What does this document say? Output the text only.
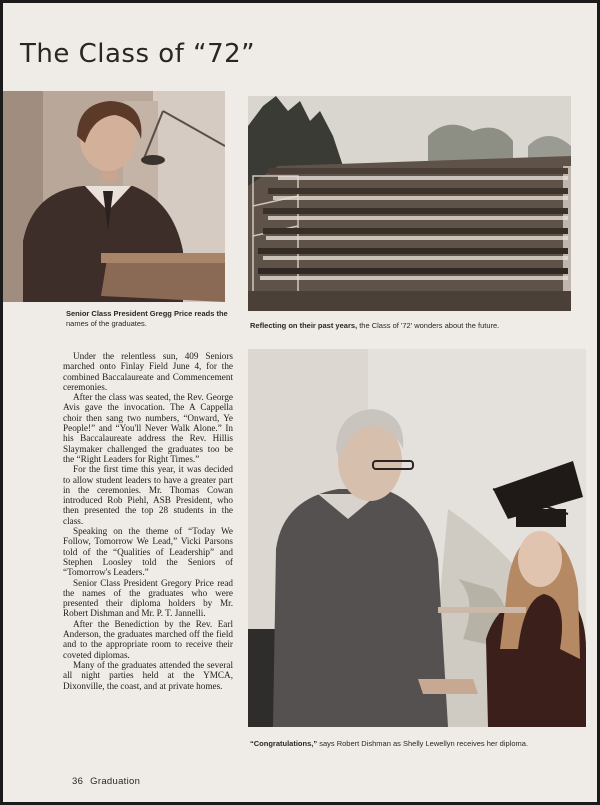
The Class of “72”

Senior Class President Gregg Price reads the names of the graduates.	Reflecting on their past years, the Class of '72' wonders about the future.

Under the relentless sun, 409 Seniors marched onto Finlay Field June 4, for the combined Baccalaureate and Commencement ceremonies.

After the class was seated, the Rev. George Avis gave the invocation. The A Cappella choir then sang two numbers, “Onward, Ye People!” and “You'll Never Walk Alone.” In his Baccalaureate address the Rev. Hillis Slaymaker challenged the graduates too be the “Right Leaders for Right Times.”

For the first time this year, it was decided to allow student leaders to have a greater part in the ceremonies. Mr. Thomas Cowan introduced Rob Piehl, ASB President, who then presented the top 28 students in the class.

Speaking on the theme of “Today We Follow, Tomorrow We Lead,” Vicki Parsons told of the “Qualities of Leadership” and Stephen Loosley told the Seniors of “Tomorrow's Leaders.”

Senior Class President Gregory Price read the names of the graduates who were presented their diploma holders by Mr. Robert Dishman and Mr. P. T. Jannelli.

After the Benediction by the Rev. Earl Anderson, the graduates marched off the field and to the appropriate room to receive their coveted diplomas.

Many of the graduates attended the several all night parties held at the YMCA, Dixonville, the coast, and at private homes.

“Congratulations,” says Robert Dishman as Shelly Lewellyn receives her diploma.

36 Graduation
